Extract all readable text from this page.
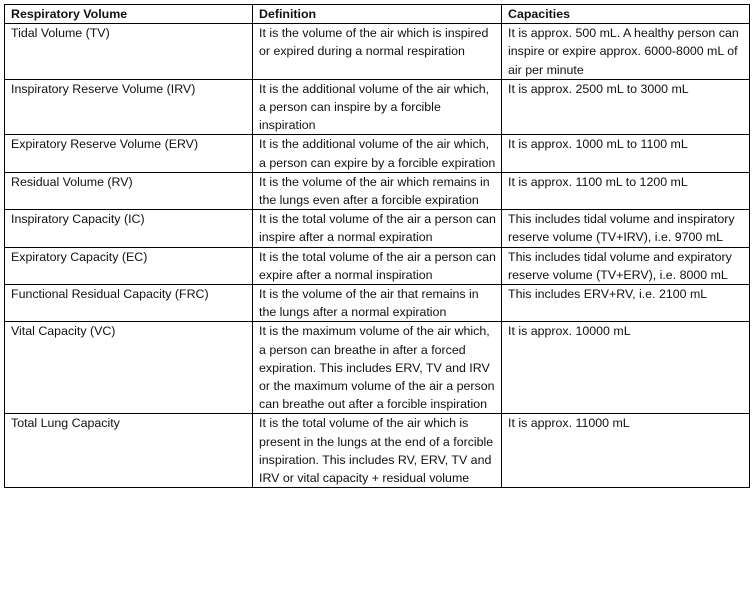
Respiratory Volume	Definition	Capacities
Tidal Volume (TV)	It is the volume of the air which is inspired or expired during a normal respiration	It is approx. 500 mL. A healthy person can inspire or expire approx. 6000-8000 mL of air per minute
Inspiratory Reserve Volume (IRV)	It is the additional volume of the air which, a person can inspire by a forcible inspiration	It is approx. 2500 mL to 3000 mL
Expiratory Reserve Volume (ERV)	It is the additional volume of the air which, a person can expire by a forcible expiration	It is approx. 1000 mL to 1100 mL
Residual Volume (RV)	It is the volume of the air which remains in the lungs even after a forcible expiration	It is approx. 1100 mL to 1200 mL
Inspiratory Capacity (IC)	It is the total volume of the air a person can inspire after a normal expiration	This includes tidal volume and inspiratory reserve volume (TV+IRV), i.e. 9700 mL
Expiratory Capacity (EC)	It is the total volume of the air a person can expire after a normal inspiration	This includes tidal volume and expiratory reserve volume (TV+ERV), i.e. 8000 mL
Functional Residual Capacity (FRC)	It is the volume of the air that remains in the lungs after a normal expiration	This includes ERV+RV, i.e. 2100 mL
Vital Capacity (VC)	It is the maximum volume of the air which, a person can breathe in after a forced expiration. This includes ERV, TV and IRV or the maximum volume of the air a person can breathe out after a forcible inspiration	It is approx. 10000 mL
Total Lung Capacity	It is the total volume of the air which is present in the lungs at the end of a forcible inspiration. This includes RV, ERV, TV and IRV or vital capacity + residual volume	It is approx. 11000 mL
